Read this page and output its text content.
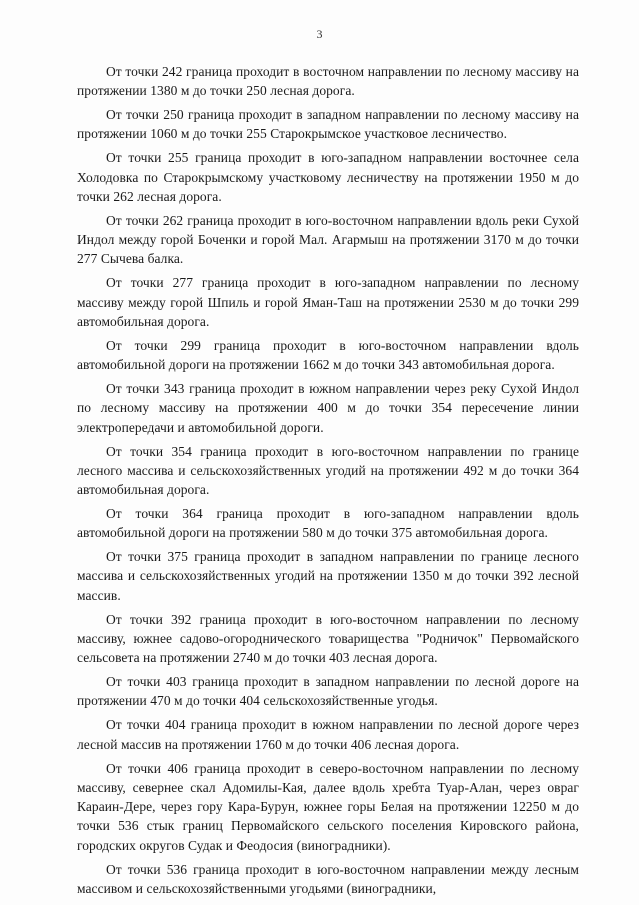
3

От точки 242 граница проходит в восточном направлении по лесному массиву на протяжении 1380 м до точки 250 лесная дорога.

От точки 250 граница проходит в западном направлении по лесному массиву на протяжении 1060 м до точки 255 Старокрымское участковое лесничество.

От точки 255 граница проходит в юго-западном направлении восточнее села Холодовка по Старокрымскому участковому лесничеству на протяжении 1950 м до точки 262 лесная дорога.

От точки 262 граница проходит в юго-восточном направлении вдоль реки Сухой Индол между горой Боченки и горой Мал. Агармыш на протяжении 3170 м до точки 277 Сычева балка.

От точки 277 граница проходит в юго-западном направлении по лесному массиву между горой Шпиль и горой Яман-Таш на протяжении 2530 м до точки 299 автомобильная дорога.

От точки 299 граница проходит в юго-восточном направлении вдоль автомобильной дороги на протяжении 1662 м до точки 343 автомобильная дорога.

От точки 343 граница проходит в южном направлении через реку Сухой Индол по лесному массиву на протяжении 400 м до точки 354 пересечение линии электропередачи и автомобильной дороги.

От точки 354 граница проходит в юго-восточном направлении по границе лесного массива и сельскохозяйственных угодий на протяжении 492 м до точки 364 автомобильная дорога.

От точки 364 граница проходит в юго-западном направлении вдоль автомобильной дороги на протяжении 580 м до точки 375 автомобильная дорога.

От точки 375 граница проходит в западном направлении по границе лесного массива и сельскохозяйственных угодий на протяжении 1350 м до точки 392 лесной массив.

От точки 392 граница проходит в юго-восточном направлении по лесному массиву, южнее садово-огороднического товарищества "Родничок" Первомайского сельсовета на протяжении 2740 м до точки 403 лесная дорога.

От точки 403 граница проходит в западном направлении по лесной дороге на протяжении 470 м до точки 404 сельскохозяйственные угодья.

От точки 404 граница проходит в южном направлении по лесной дороге через лесной массив на протяжении 1760 м до точки 406 лесная дорога.

От точки 406 граница проходит в северо-восточном направлении по лесному массиву, севернее скал Адомилы-Кая, далее вдоль хребта Туар-Алан, через овраг Караин-Дере, через гору Кара-Бурун, южнее горы Белая на протяжении 12250 м до точки 536 стык границ Первомайского сельского поселения Кировского района, городских округов Судак и Феодосия (виноградники).

От точки 536 граница проходит в юго-восточном направлении между лесным массивом и сельскохозяйственными угодьями (виноградники,
